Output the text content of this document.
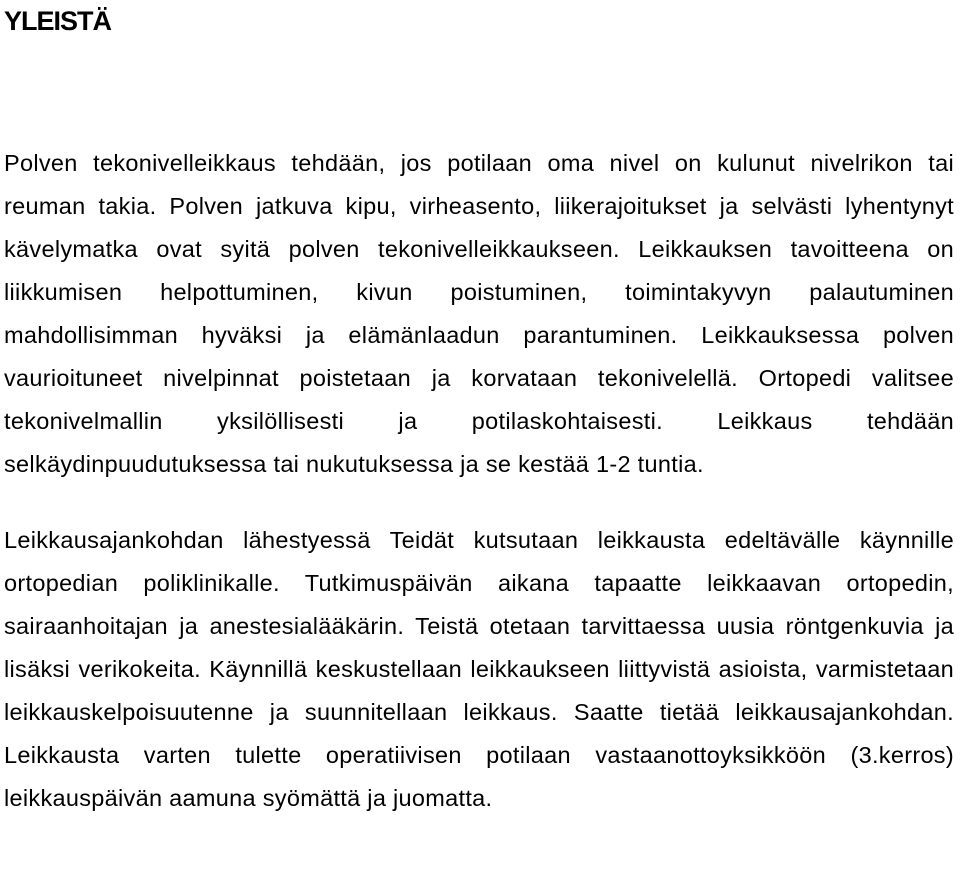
YLEISTÄ

Polven tekonivelleikkaus tehdään, jos potilaan oma nivel on kulunut nivelrikon tai reuman takia. Polven jatkuva kipu, virheasento, liikerajoitukset ja selvästi lyhentynyt kävelymatka ovat syitä polven tekonivelleikkaukseen. Leikkauksen tavoitteena on liikkumisen helpottuminen, kivun poistuminen, toimintakyvyn palautuminen mahdollisimman hyväksi ja elämänlaadun parantuminen. Leikkauksessa polven vaurioituneet nivelpinnat poistetaan ja korvataan tekonivelellä. Ortopedi valitsee tekonivelmallin yksilöllisesti ja potilaskohtaisesti. Leikkaus tehdään selkäydinpuudutuksessa tai nukutuksessa ja se kestää 1-2 tuntia.

Leikkausajankohdan lähestyessä Teidät kutsutaan leikkausta edeltävälle käynnille ortopedian poliklinikalle. Tutkimuspäivän aikana tapaatte leikkaavan ortopedin, sairaanhoitajan ja anestesialääkärin. Teistä otetaan tarvittaessa uusia röntgenkuvia ja lisäksi verikokeita. Käynnillä keskustellaan leikkaukseen liittyvistä asioista, varmistetaan leikkauskelpoisuutenne ja suunnitellaan leikkaus. Saatte tietää leikkausajankohdan. Leikkausta varten tulette operatiivisen potilaan vastaanottoyksikköön (3.kerros) leikkauspäivän aamuna syömättä ja juomatta.
